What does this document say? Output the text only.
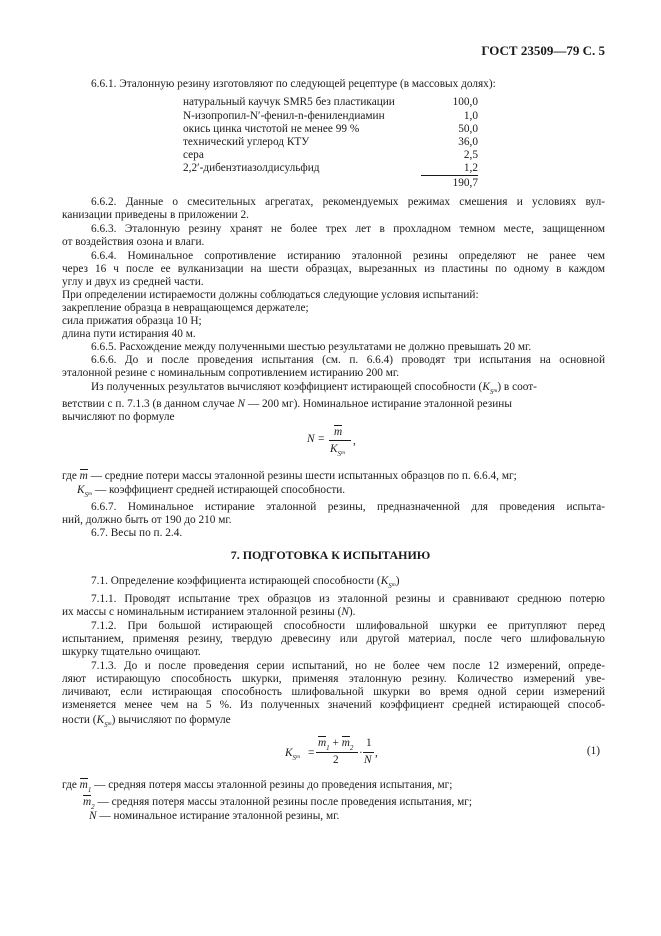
ГОСТ 23509—79 С. 5
6.6.1. Эталонную резину изготовляют по следующей рецептуре (в массовых долях):
натуральный каучук SMR5 без пластикации	100,0
N-изопропил-N′-фенил-n-фенилендиамин	1,0
окись цинка чистотой не менее 99 %	50,0
технический углерод КТУ	36,0
сера	2,5
2,2′-дибензтиазолдисульфид	1,2
190,7
6.6.2. Данные о смесительных агрегатах, рекомендуемых режимах смешения и условиях вул-
канизации приведены в приложении 2.
6.6.3. Эталонную резину хранят не более трех лет в прохладном темном месте, защищенном
от воздействия озона и влаги.
6.6.4. Номинальное сопротивление истиранию эталонной резины определяют не ранее чем
через 16 ч после ее вулканизации на шести образцах, вырезанных из пластины по одному в каждом
углу и двух из средней части.
При определении истираемости должны соблюдаться следующие условия испытаний:
закрепление образца в невращающемся держателе;
сила прижатия образца 10 Н;
длина пути истирания 40 м.
6.6.5. Расхождение между полученными шестью результатами не должно превышать 20 мг.
6.6.6. До и после проведения испытания (см. п. 6.6.4) проводят три испытания на основной
эталонной резине с номинальным сопротивлением истиранию 200 мг.
Из полученных результатов вычисляют коэффициент истирающей способности $(K_Sm)$ в соот-
ветствии с п. 7.1.3 (в данном случае N — 200 мг). Номинальное истирание эталонной резины
вычисляют по формуле
N =
m
$K_Sm$
,
где m — средние потери массы эталонной резины шести испытанных образцов по п. 6.6.4, мг;
$K_Sm$ — коэффициент средней истирающей способности.
6.6.7. Номинальное истирание эталонной резины, предназначенной для проведения испыта-
ний, должно быть от 190 до 210 мг.
6.7. Весы по п. 2.4.
7. ПОДГОТОВКА К ИСПЫТАНИЮ
7.1. Определение коэффициента истирающей способности $(K_Sm)$
7.1.1. Проводят испытание трех образцов из эталонной резины и сравнивают среднюю потерю
их массы с номинальным истиранием эталонной резины (N).
7.1.2. При большой истирающей способности шлифовальной шкурки ее притупляют перед
испытанием, применяя резину, твердую древесину или другой материал, после чего шлифовальную
шкурку тщательно очищают.
7.1.3. До и после проведения серии испытаний, но не более чем после 12 измерений, опреде-
ляют истирающую способность шкурки, применяя эталонную резину. Количество измерений уве-
личивают, если истирающая способность шлифовальной шкурки во время одной серии измерений
изменяется менее чем на 5 %. Из полученных значений коэффициент средней истирающей способ-
ности $(K_Sm)$ вычисляют по формуле
$K_Sm$ =
$m_1 + m_2$
2
·
1
N
,	(1)
где $m_1$ — средняя потеря массы эталонной резины до проведения испытания, мг;
$m_2$ — средняя потеря массы эталонной резины после проведения испытания, мг;
N — номинальное истирание эталонной резины, мг.
